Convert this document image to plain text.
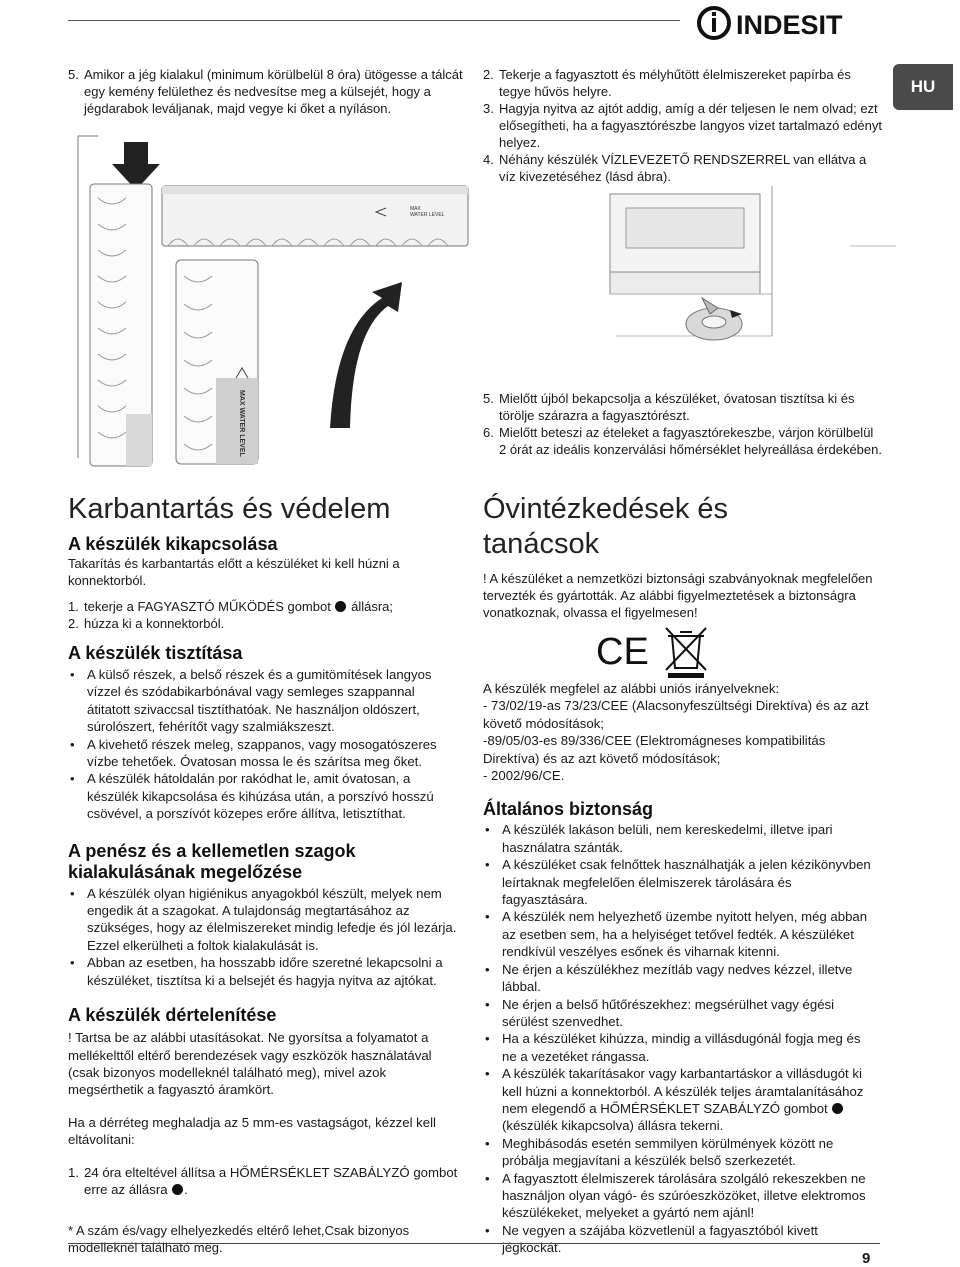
INDESIT
HU
5. Amikor a jég kialakul (minimum körülbelül 8 óra) ütögesse a tálcát egy kemény felülethez és nedvesítse meg a külsejét, hogy a jégdarabok leváljanak, majd vegye ki őket a nyíláson.
2. Tekerje a fagyasztott és mélyhűtött élelmiszereket papírba és tegye hűvös helyre.
3. Hagyja nyitva az ajtót addig, amíg a dér teljesen le nem olvad; ezt elősegítheti, ha a fagyasztórészbe langyos vizet tartalmazó edényt helyez.
4. Néhány készülék VÍZLEVEZETŐ RENDSZERREL van ellátva a víz kivezetéséhez (lásd ábra).
MAX
WATER LEVEL
MAX WATER LEVEL	5. Mielőtt újból bekapcsolja a készüléket, óvatosan tisztítsa ki és törölje szárazra a fagyasztórészt.
6. Mielőtt beteszi az ételeket a fagyasztórekeszbe, várjon körülbelül 2 órát az ideális konzerválási hőmérséklet helyreállása érdekében.
Karbantartás és védelem
A készülék kikapcsolása

Takarítás és karbantartás előtt a készüléket ki kell húzni a konnektorból.

1. tekerje a FAGYASZTÓ MŰKÖDÉS gombot állásra;
2. húzza ki a konnektorból.
A készülék tisztítása
• A külső részek, a belső részek és a gumitömítések langyos vízzel és szódabikarbónával vagy semleges szappannal átitatott szivaccsal tisztíthatóak. Ne használjon oldószert, súrolószert, fehérítőt vagy szalmiákszeszt.
• A kivehető részek meleg, szappanos, vagy mosogatószeres vízbe tehetőek. Óvatosan mossa le és szárítsa meg őket.
• A készülék hátoldalán por rakódhat le, amit óvatosan, a készülék kikapcsolása és kihúzása után, a porszívó hosszú csövével, a porszívót közepes erőre állítva, letisztíthat.
A penész és a kellemetlen szagok kialakulásának megelőzése
• A készülék olyan higiénikus anyagokból készült, melyek nem engedik át a szagokat. A tulajdonság megtartásához az szükséges, hogy az élelmiszereket mindig lefedje és jól lezárja. Ezzel elkerülheti a foltok kialakulását is.
• Abban az esetben, ha hosszabb időre szeretné lekapcsolni a készüléket, tisztítsa ki a belsejét és hagyja nyitva az ajtókat.
A készülék dértelenítése

! Tartsa be az alábbi utasításokat. Ne gyorsítsa a folyamatot a mellékelttől eltérő berendezések vagy eszközök használatával (csak bizonyos modelleknél található meg), mivel azok megsérthetik a fagyasztó áramkört.

Ha a dérréteg meghaladja az 5 mm-es vastagságot, kézzel kell eltávolítani:

1. 24 óra elteltével állítsa a HŐMÉRSÉKLET SZABÁLYZÓ gombot erre az állásra .

* A szám és/vagy elhelyezkedés eltérő lehet,Csak bizonyos modelleknél található meg.

Óvintézkedések és
tanácsok

! A készüléket a nemzetközi biztonsági szabványoknak megfelelően tervezték és gyártották. Az alábbi figyelmeztetések a biztonságra vonatkoznak, olvassa el figyelmesen!

CE

A készülék megfelel az alábbi uniós irányelveknek:

- 73/02/19-as 73/23/CEE (Alacsonyfeszültségi Direktíva) és az azt követő módosítások;

-89/05/03-es 89/336/CEE (Elektromágneses kompatibilitás Direktíva) és az azt követő módosítások;

- 2002/96/CE.

Általános biztonság
• A készülék lakáson belüli, nem kereskedelmi, illetve ipari használatra szánták.
• A készüléket csak felnőttek használhatják a jelen kézikönyvben leírtaknak megfelelően élelmiszerek tárolására és fagyasztására.
• A készülék nem helyezhető üzembe nyitott helyen, még abban az esetben sem, ha a helyiséget tetővel fedték. A készüléket rendkívül veszélyes esőnek és viharnak kitenni.
• Ne érjen a készülékhez mezítláb vagy nedves kézzel, illetve lábbal.
• Ne érjen a belső hűtőrészekhez: megsérülhet vagy égési sérülést szenvedhet.
• Ha a készüléket kihúzza, mindig a villásdugónál fogja meg és ne a vezetéket rángassa.
• A készülék takarításakor vagy karbantartáskor a villásdugót ki kell húzni a konnektorból. A készülék teljes áramtalanításához nem elegendő a HŐMÉRSÉKLET SZABÁLYZÓ gombot  (készülék kikapcsolva) állásra tekerni.
• Meghibásodás esetén semmilyen körülmények között ne próbálja megjavítani a készülék belső szerkezetét.
• A fagyasztott élelmiszerek tárolására szolgáló rekeszekben ne használjon olyan vágó- és szúróeszközöket, illetve elektromos készülékeket, melyeket a gyártó nem ajánl!
• Ne vegyen a szájába közvetlenül a fagyasztóból kivett jégkockát.
9
